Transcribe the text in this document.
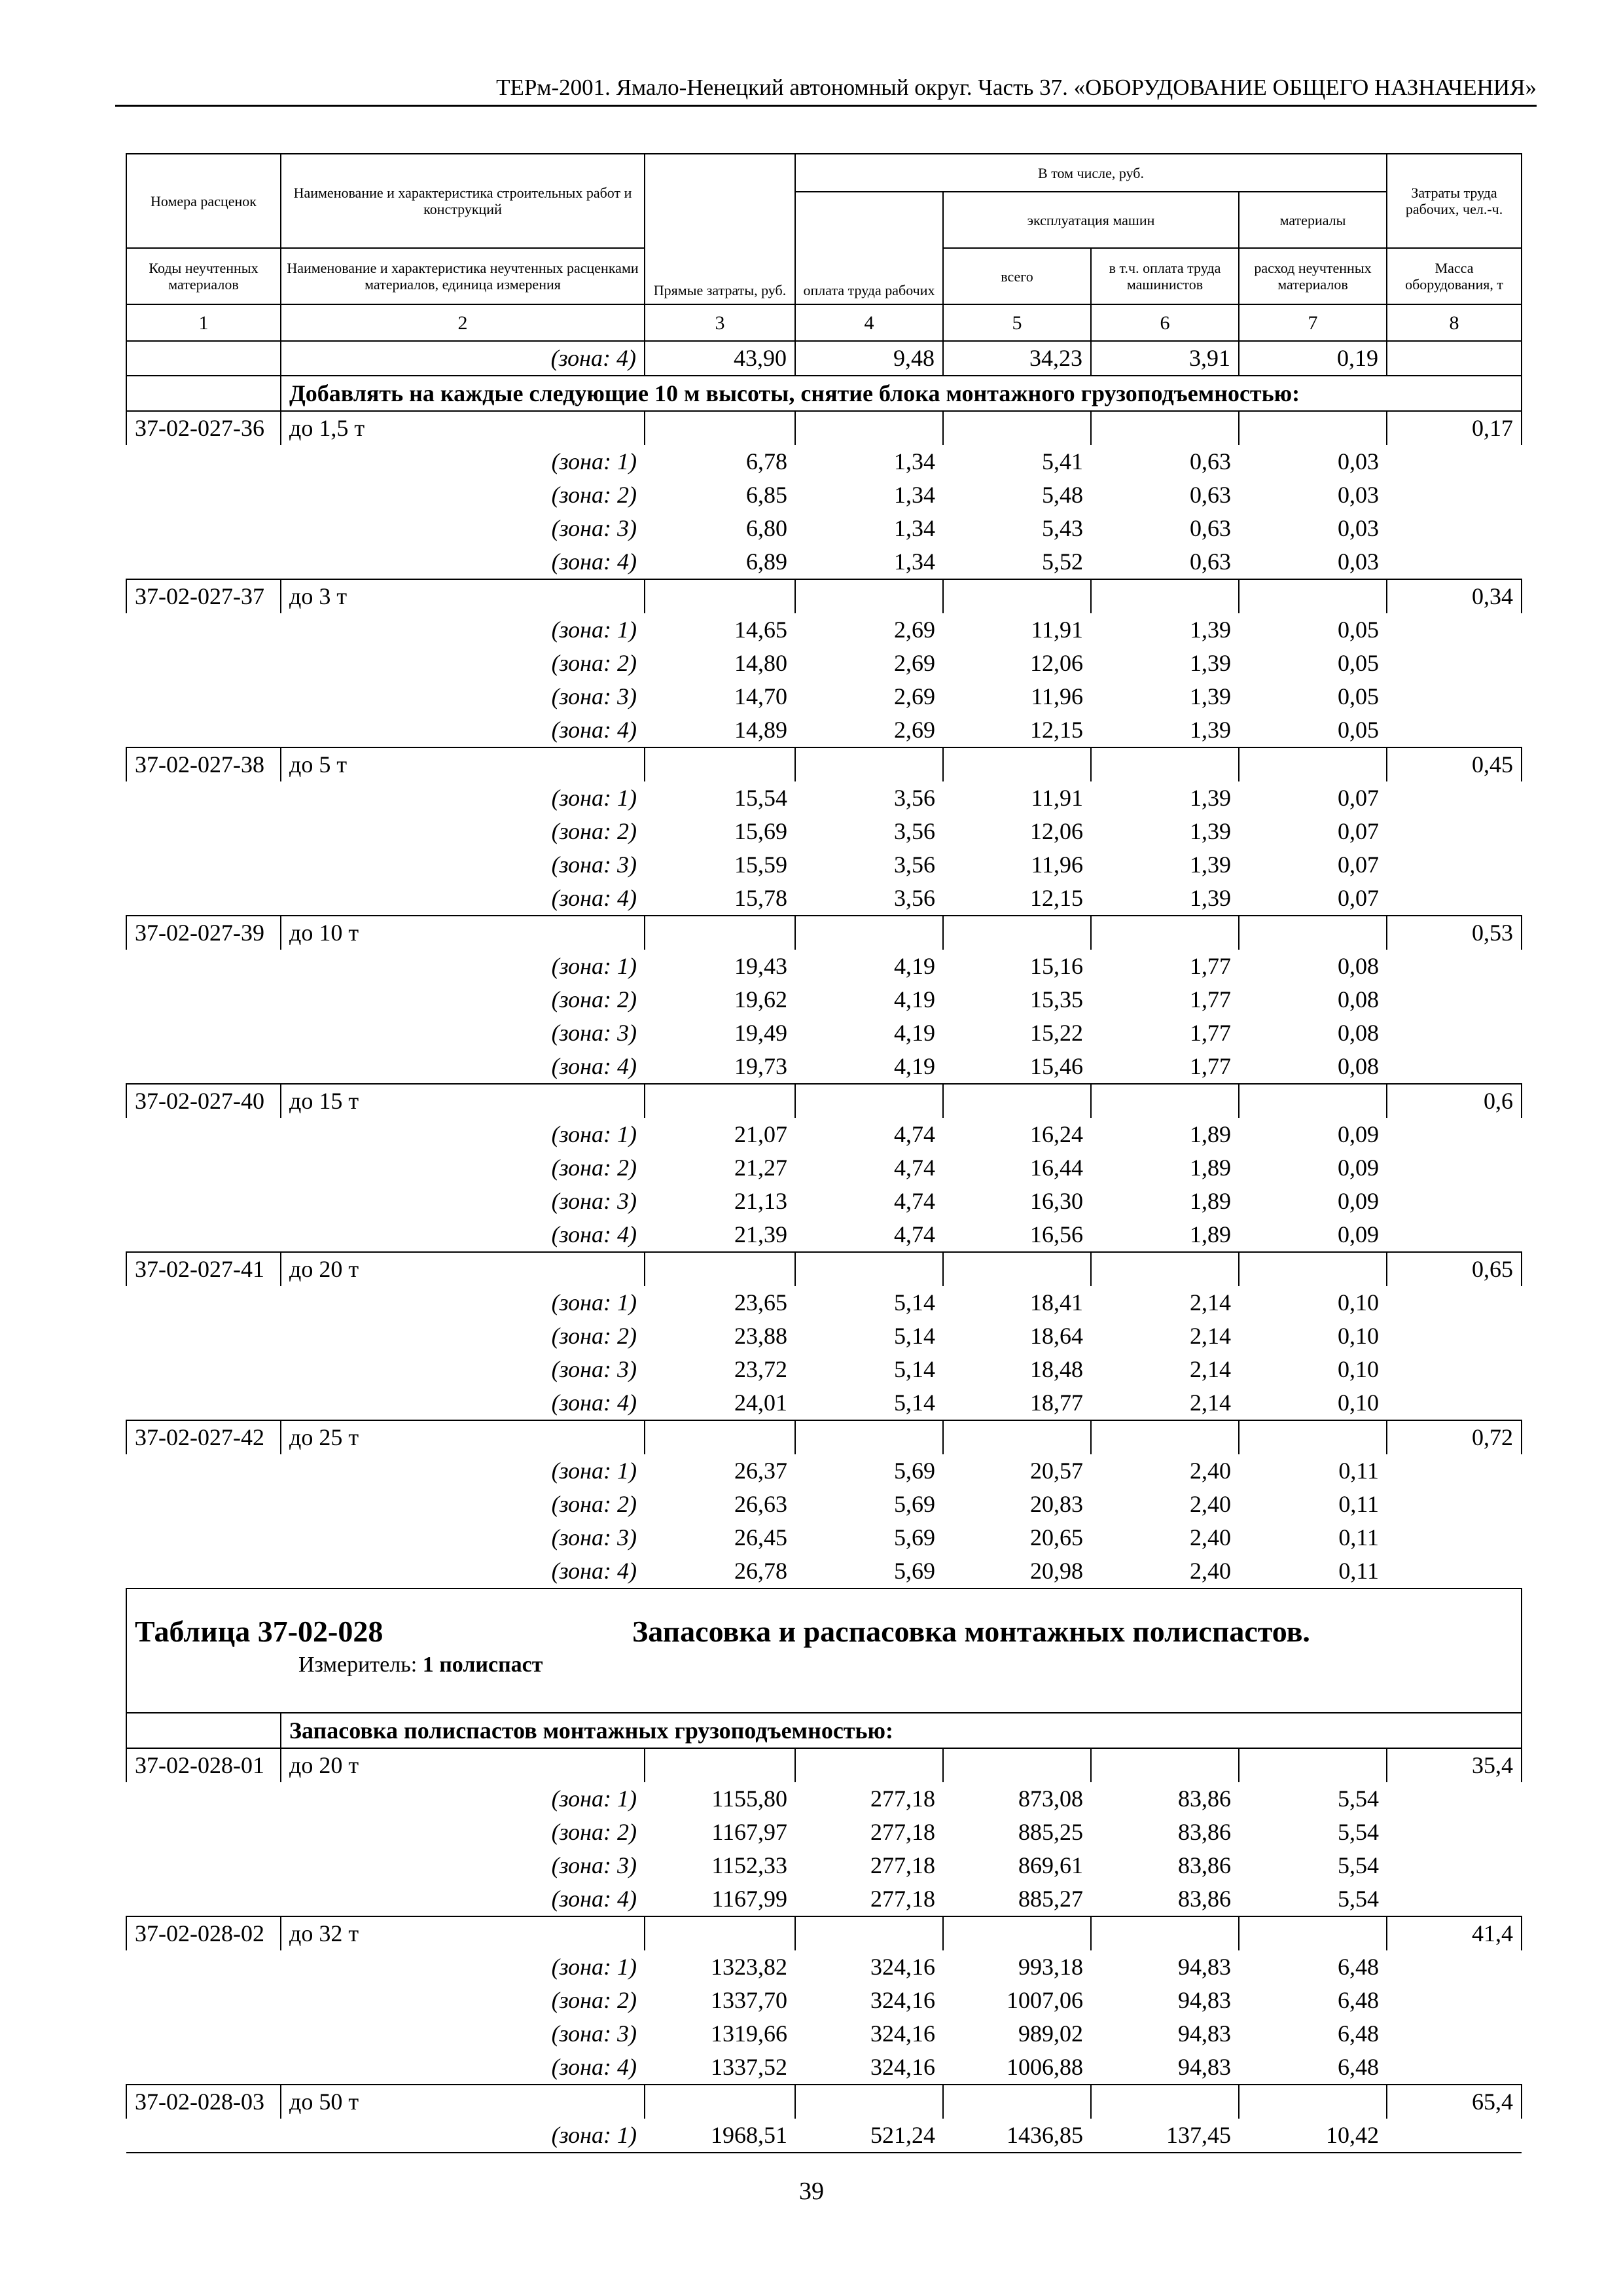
ТЕРм-2001. Ямало-Ненецкий автономный округ. Часть 37. «ОБОРУДОВАНИЕ ОБЩЕГО НАЗНАЧЕНИЯ»
Номера расценок	Наименование и характеристика строительных работ и конструкций	Прямые затраты, руб.	В том числе, руб.				Затраты труда рабочих, чел.-ч.
			оплата труда рабочих	эксплуатация машин		материалы	
Коды неучтенных материалов	Наименование и характеристика неучтенных расценками материалов, единица измерения			всего	в т.ч. оплата труда машинистов	расход неучтенных материалов	Масса оборудования, т
1	2	3	4	5	6	7	8
	(зона: 4)	43,90	9,48	34,23	3,91	0,19	
	Добавлять на каждые следующие 10 м высоты, снятие блока монтажного грузоподъемностью:						
37-02-027-36	до 1,5 т						0,17
	(зона: 1)	6,78	1,34	5,41	0,63	0,03	
	(зона: 2)	6,85	1,34	5,48	0,63	0,03	
	(зона: 3)	6,80	1,34	5,43	0,63	0,03	
	(зона: 4)	6,89	1,34	5,52	0,63	0,03	
37-02-027-37	до 3 т						0,34
	(зона: 1)	14,65	2,69	11,91	1,39	0,05	
	(зона: 2)	14,80	2,69	12,06	1,39	0,05	
	(зона: 3)	14,70	2,69	11,96	1,39	0,05	
	(зона: 4)	14,89	2,69	12,15	1,39	0,05	
37-02-027-38	до 5 т						0,45
	(зона: 1)	15,54	3,56	11,91	1,39	0,07	
	(зона: 2)	15,69	3,56	12,06	1,39	0,07	
	(зона: 3)	15,59	3,56	11,96	1,39	0,07	
	(зона: 4)	15,78	3,56	12,15	1,39	0,07	
37-02-027-39	до 10 т						0,53
	(зона: 1)	19,43	4,19	15,16	1,77	0,08	
	(зона: 2)	19,62	4,19	15,35	1,77	0,08	
	(зона: 3)	19,49	4,19	15,22	1,77	0,08	
	(зона: 4)	19,73	4,19	15,46	1,77	0,08	
37-02-027-40	до 15 т						0,6
	(зона: 1)	21,07	4,74	16,24	1,89	0,09	
	(зона: 2)	21,27	4,74	16,44	1,89	0,09	
	(зона: 3)	21,13	4,74	16,30	1,89	0,09	
	(зона: 4)	21,39	4,74	16,56	1,89	0,09	
37-02-027-41	до 20 т						0,65
	(зона: 1)	23,65	5,14	18,41	2,14	0,10	
	(зона: 2)	23,88	5,14	18,64	2,14	0,10	
	(зона: 3)	23,72	5,14	18,48	2,14	0,10	
	(зона: 4)	24,01	5,14	18,77	2,14	0,10	
37-02-027-42	до 25 т						0,72
	(зона: 1)	26,37	5,69	20,57	2,40	0,11	
	(зона: 2)	26,63	5,69	20,83	2,40	0,11	
	(зона: 3)	26,45	5,69	20,65	2,40	0,11	
	(зона: 4)	26,78	5,69	20,98	2,40	0,11	

Таблица 37-02-028 Запасовка и распасовка монтажных полиспастов.
Измеритель: 1 полиспаст							

	Запасовка полиспастов монтажных грузоподъемностью:						
37-02-028-01	до 20 т						35,4
	(зона: 1)	1155,80	277,18	873,08	83,86	5,54	
	(зона: 2)	1167,97	277,18	885,25	83,86	5,54	
	(зона: 3)	1152,33	277,18	869,61	83,86	5,54	
	(зона: 4)	1167,99	277,18	885,27	83,86	5,54	
37-02-028-02	до 32 т						41,4
	(зона: 1)	1323,82	324,16	993,18	94,83	6,48	
	(зона: 2)	1337,70	324,16	1007,06	94,83	6,48	
	(зона: 3)	1319,66	324,16	989,02	94,83	6,48	
	(зона: 4)	1337,52	324,16	1006,88	94,83	6,48	
37-02-028-03	до 50 т						65,4
	(зона: 1)	1968,51	521,24	1436,85	137,45	10,42	
39
